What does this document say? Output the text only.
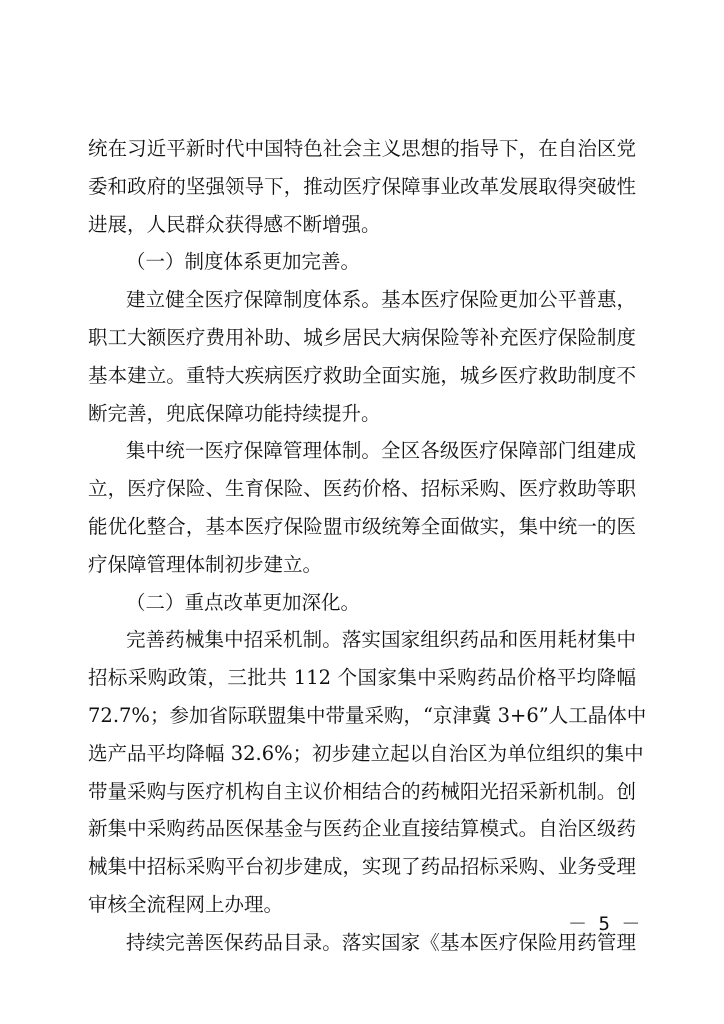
统在习近平新时代中国特色社会主义思想的指导下，在自治区党
委和政府的坚强领导下，推动医疗保障事业改革发展取得突破性
进展，人民群众获得感不断增强。
（一）制度体系更加完善。
建立健全医疗保障制度体系。基本医疗保险更加公平普惠，
职工大额医疗费用补助、城乡居民大病保险等补充医疗保险制度
基本建立。重特大疾病医疗救助全面实施，城乡医疗救助制度不
断完善，兜底保障功能持续提升。
集中统一医疗保障管理体制。全区各级医疗保障部门组建成
立，医疗保险、生育保险、医药价格、招标采购、医疗救助等职
能优化整合，基本医疗保险盟市级统筹全面做实，集中统一的医
疗保障管理体制初步建立。
（二）重点改革更加深化。
完善药械集中招采机制。落实国家组织药品和医用耗材集中
招标采购政策，三批共 112 个国家集中采购药品价格平均降幅
72.7%；参加省际联盟集中带量采购，“京津冀 3+6”人工晶体中
选产品平均降幅 32.6%；初步建立起以自治区为单位组织的集中
带量采购与医疗机构自主议价相结合的药械阳光招采新机制。创
新集中采购药品医保基金与医药企业直接结算模式。自治区级药
械集中招标采购平台初步建成，实现了药品招标采购、业务受理
审核全流程网上办理。
持续完善医保药品目录。落实国家《基本医疗保险用药管理
－ 5 －
